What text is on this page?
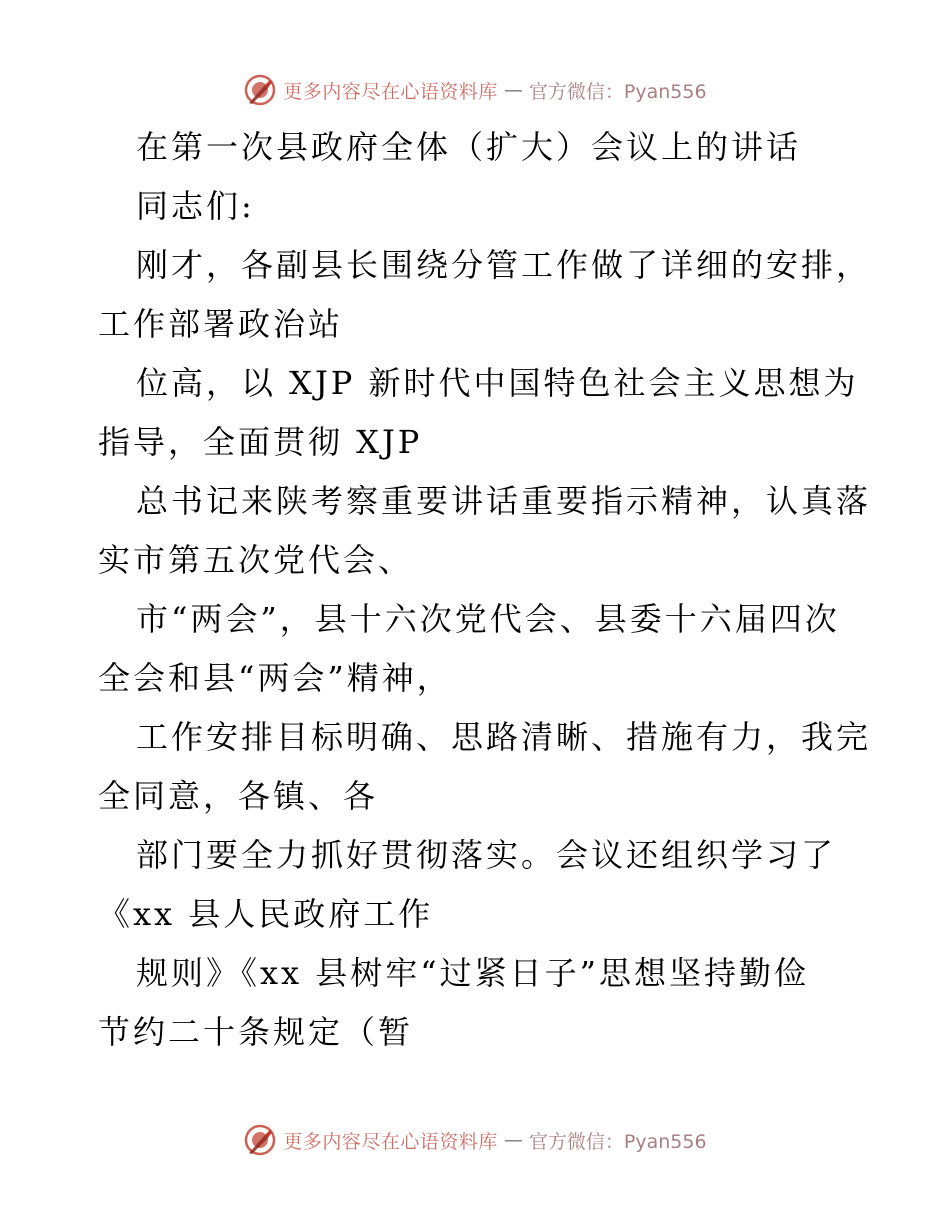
更多内容尽在心语资料库 — 官方微信：Pyan556

在第一次县政府全体（扩大）会议上的讲话

同志们:

刚才，各副县长围绕分管工作做了详细的安排，
工作部署政治站

位高，以 XJP 新时代中国特色社会主义思想为
指导，全面贯彻 XJP

总书记来陕考察重要讲话重要指示精神，认真落
实市第五次党代会、

市“两会”，县十六次党代会、县委十六届四次
全会和县“两会”精神，

工作安排目标明确、思路清晰、措施有力，我完
全同意，各镇、各

部门要全力抓好贯彻落实。会议还组织学习了
《xx 县人民政府工作

规则》《xx 县树牢“过紧日子”思想坚持勤俭
节约二十条规定（暂

更多内容尽在心语资料库 — 官方微信：Pyan556
